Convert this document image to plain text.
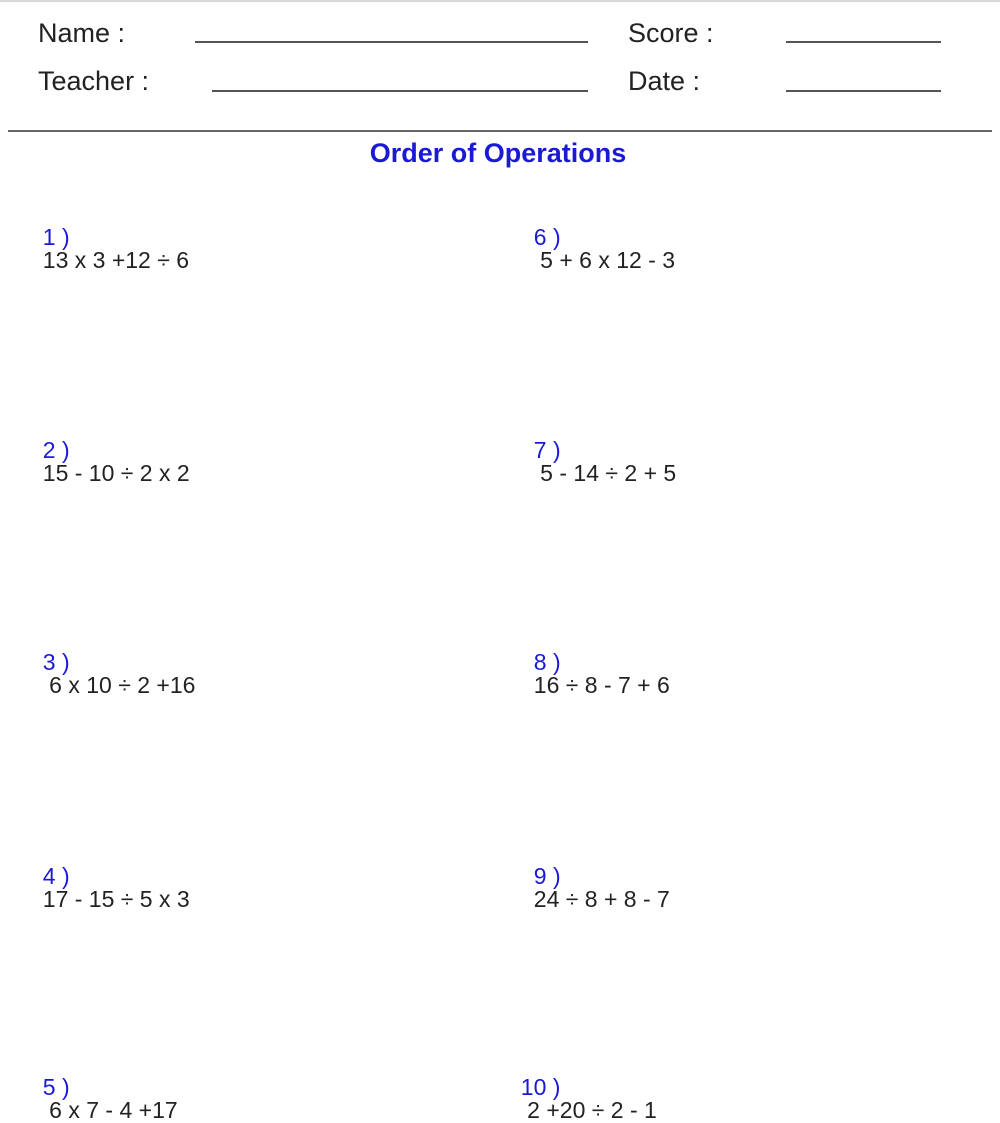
Name :	Score :
Teacher :	Date :
Order of Operations

1 )
13 x 3 +12 ÷ 6

2 )
15 - 10 ÷ 2 x 2

3 )
6 x 10 ÷ 2 +16

4 )
17 - 15 ÷ 5 x 3

5 )
6 x 7 - 4 +17

6 )
5 + 6 x 12 - 3

7 )
5 - 14 ÷ 2 + 5

8 )
16 ÷ 8 - 7 + 6

9 )
24 ÷ 8 + 8 - 7

10 )
2 +20 ÷ 2 - 1
